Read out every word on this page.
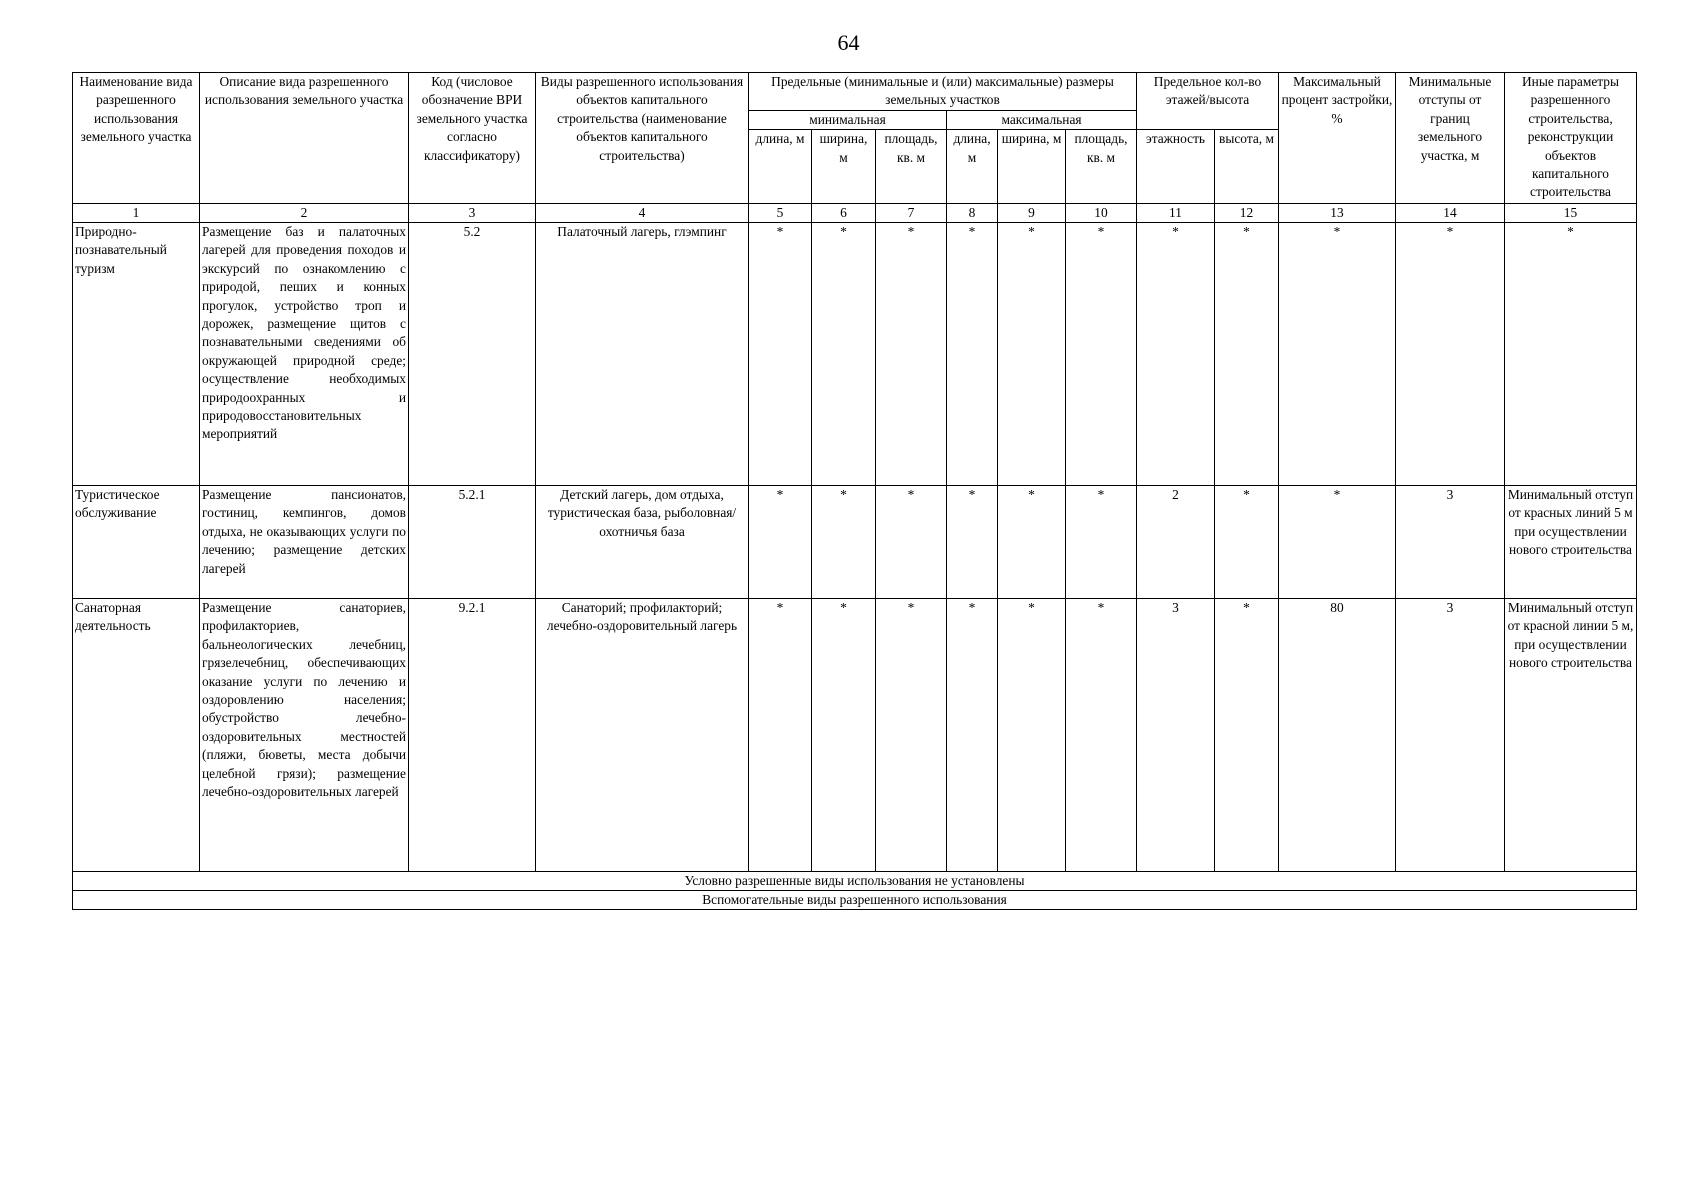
64
Наименование вида разрешенного использования земельного участка	Описание вида разрешенного использования земельного участка	Код (числовое обозначение ВРИ земельного участка согласно классификатору)	Виды разрешенного использования объектов капитального строительства (наименование объектов капитального строительства)	Предельные (минимальные и (или) максимальные) размеры земельных участков						Предельное кол-во этажей/высота		Максимальный процент застройки, %	Минимальные отступы от границ земельного участка, м	Иные параметры разрешенного строительства, реконструкции объектов капитального строительства
				минимальная			максимальная							
				длина, м	ширина, м	площадь, кв. м	длина, м	ширина, м	площадь, кв. м	этажность	высота, м			
1	2	3	4	5	6	7	8	9	10	11	12	13	14	15
Природно-познавательный туризм	Размещение баз и палаточных лагерей для проведения походов и экскурсий по ознакомлению с природой, пеших и конных прогулок, устройство троп и дорожек, размещение щитов с познавательными сведениями об окружающей природной среде; осуществление необходимых природоохранных и природовосстановительных мероприятий	5.2	Палаточный лагерь, глэмпинг	*	*	*	*	*	*	*	*	*	*	*
Туристическое обслуживание	Размещение пансионатов, гостиниц, кемпингов, домов отдыха, не оказывающих услуги по лечению; размещение детских лагерей	5.2.1	Детский лагерь, дом отдыха, туристическая база, рыболовная/охотничья база	*	*	*	*	*	*	2	*	*	3	Минимальный отступ от красных линий 5 м при осуществлении нового строительства
Санаторная деятельность	Размещение санаториев, профилакториев, бальнеологических лечебниц, грязелечебниц, обеспечивающих оказание услуги по лечению и оздоровлению населения; обустройство лечебно-оздоровительных местностей (пляжи, бюветы, места добычи целебной грязи); размещение лечебно-оздоровительных лагерей	9.2.1	Санаторий; профилакторий; лечебно-оздоровительный лагерь	*	*	*	*	*	*	3	*	80	3	Минимальный отступ от красной линии 5 м, при осуществлении нового строительства
Условно разрешенные виды использования не установлены														
Вспомогательные виды разрешенного использования														
